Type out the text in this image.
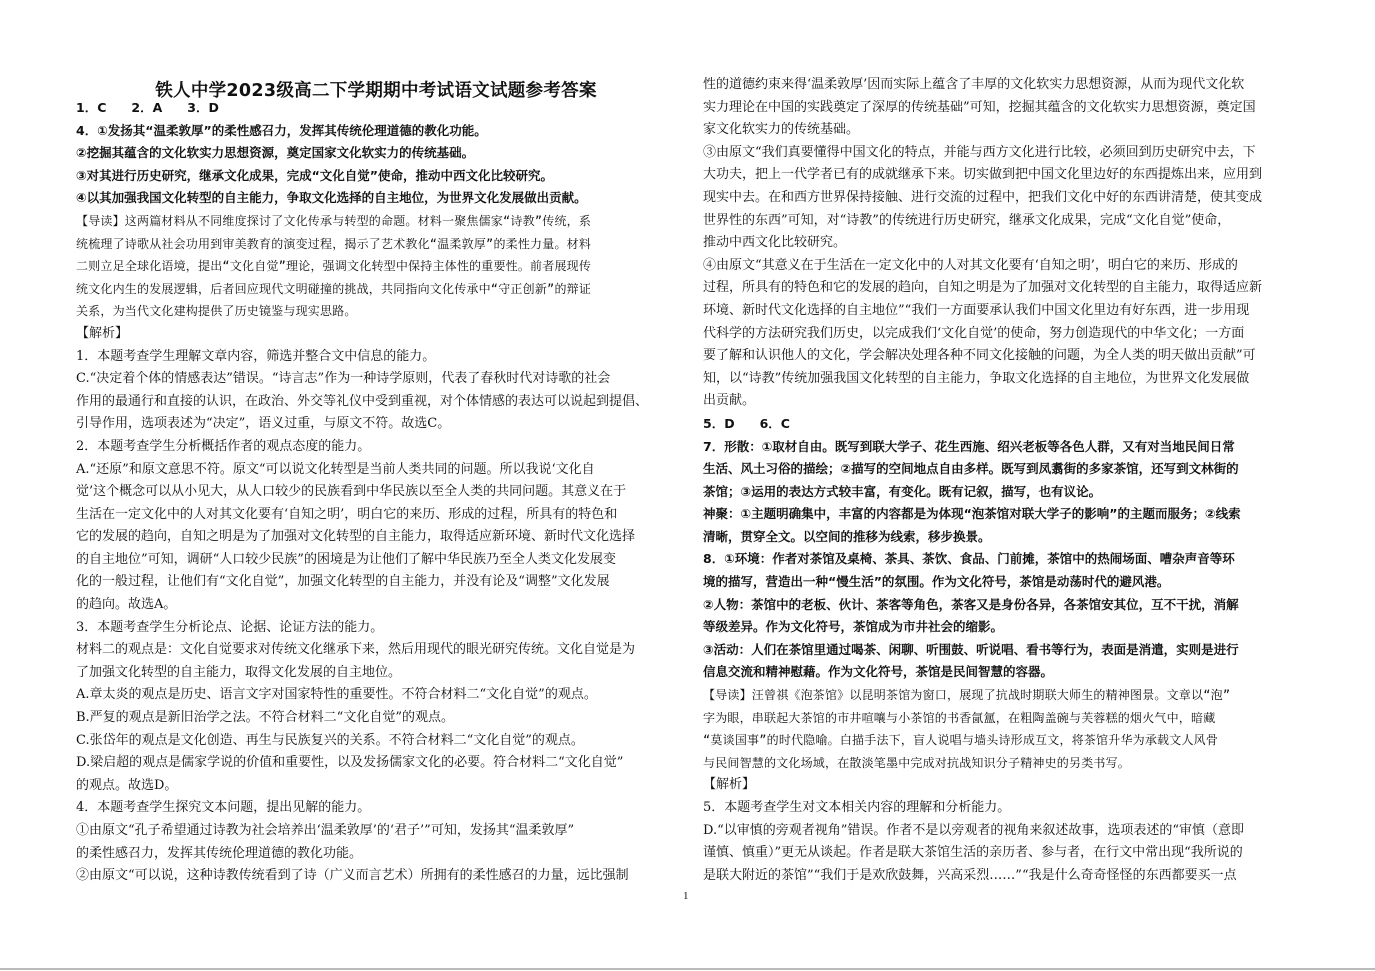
铁人中学2023级高二下学期期中考试语文试题参考答案
1．C　　2．A　　3．D
4．①发扬其“温柔敦厚”的柔性感召力，发挥其传统伦理道德的教化功能。
②挖掘其蕴含的文化软实力思想资源，奠定国家文化软实力的传统基础。
③对其进行历史研究，继承文化成果，完成“文化自觉”使命，推动中西文化比较研究。
④以其加强我国文化转型的自主能力，争取文化选择的自主地位，为世界文化发展做出贡献。
【导读】这两篇材料从不同维度探讨了文化传承与转型的命题。材料一聚焦儒家“诗教”传统，系
统梳理了诗歌从社会功用到审美教育的演变过程，揭示了艺术教化“温柔敦厚”的柔性力量。材料
二则立足全球化语境，提出“文化自觉”理论，强调文化转型中保持主体性的重要性。前者展现传
统文化内生的发展逻辑，后者回应现代文明碰撞的挑战，共同指向文化传承中“守正创新”的辩证
关系，为当代文化建构提供了历史镜鉴与现实思路。
【解析】
1．本题考查学生理解文章内容，筛选并整合文中信息的能力。
C.“决定着个体的情感表达”错误。“诗言志”作为一种诗学原则，代表了春秋时代对诗歌的社会
作用的最通行和直接的认识，在政治、外交等礼仪中受到重视，对个体情感的表达可以说起到提倡、
引导作用，选项表述为“决定”，语义过重，与原文不符。故选C。
2．本题考查学生分析概括作者的观点态度的能力。
A.“还原”和原文意思不符。原文“可以说文化转型是当前人类共同的问题。所以我说‘文化自
觉’这个概念可以从小见大，从人口较少的民族看到中华民族以至全人类的共同问题。其意义在于
生活在一定文化中的人对其文化要有‘自知之明’，明白它的来历、形成的过程，所具有的特色和
它的发展的趋向，自知之明是为了加强对文化转型的自主能力，取得适应新环境、新时代文化选择
的自主地位”可知，调研“人口较少民族”的困境是为让他们了解中华民族乃至全人类文化发展变
化的一般过程，让他们有“文化自觉”，加强文化转型的自主能力，并没有论及“调整”文化发展
的趋向。故选A。
3．本题考查学生分析论点、论据、论证方法的能力。
材料二的观点是：文化自觉要求对传统文化继承下来，然后用现代的眼光研究传统。文化自觉是为
了加强文化转型的自主能力，取得文化发展的自主地位。
A.章太炎的观点是历史、语言文字对国家特性的重要性。不符合材料二“文化自觉”的观点。
B.严复的观点是新旧治学之法。不符合材料二“文化自觉”的观点。
C.张岱年的观点是文化创造、再生与民族复兴的关系。不符合材料二“文化自觉”的观点。
D.梁启超的观点是儒家学说的价值和重要性，以及发扬儒家文化的必要。符合材料二“文化自觉”
的观点。故选D。
4．本题考查学生探究文本问题，提出见解的能力。
①由原文“孔子希望通过诗教为社会培养出‘温柔敦厚’的‘君子’”可知，发扬其“温柔敦厚”
的柔性感召力，发挥其传统伦理道德的教化功能。
②由原文“可以说，这种诗教传统看到了诗（广义而言艺术）所拥有的柔性感召的力量，远比强制
性的道德约束来得‘温柔敦厚’因而实际上蕴含了丰厚的文化软实力思想资源，从而为现代文化软
实力理论在中国的实践奠定了深厚的传统基础”可知，挖掘其蕴含的文化软实力思想资源，奠定国
家文化软实力的传统基础。
③由原文“我们真要懂得中国文化的特点，并能与西方文化进行比较，必须回到历史研究中去，下
大功夫，把上一代学者已有的成就继承下来。切实做到把中国文化里边好的东西提炼出来，应用到
现实中去。在和西方世界保持接触、进行交流的过程中，把我们文化中好的东西讲清楚，使其变成
世界性的东西”可知，对“诗教”的传统进行历史研究，继承文化成果，完成“文化自觉”使命，
推动中西文化比较研究。
④由原文“其意义在于生活在一定文化中的人对其文化要有‘自知之明’，明白它的来历、形成的
过程，所具有的特色和它的发展的趋向，自知之明是为了加强对文化转型的自主能力，取得适应新
环境、新时代文化选择的自主地位”“我们一方面要承认我们中国文化里边有好东西，进一步用现
代科学的方法研究我们历史，以完成我们‘文化自觉’的使命，努力创造现代的中华文化；一方面
要了解和认识他人的文化，学会解决处理各种不同文化接触的问题，为全人类的明天做出贡献”可
知，以“诗教”传统加强我国文化转型的自主能力，争取文化选择的自主地位，为世界文化发展做
出贡献。
5．D　　6．C
7．形散：①取材自由。既写到联大学子、花生西施、绍兴老板等各色人群，又有对当地民间日常
生活、风土习俗的描绘；②描写的空间地点自由多样。既写到凤翥街的多家茶馆，还写到文林街的
茶馆；③运用的表达方式较丰富，有变化。既有记叙，描写，也有议论。
神聚：①主题明确集中，丰富的内容都是为体现“泡茶馆对联大学子的影响”的主题而服务；②线索
清晰，贯穿全文。以空间的推移为线索，移步换景。
8．①环境：作者对茶馆及桌椅、茶具、茶饮、食品、门前摊，茶馆中的热闹场面、嘈杂声音等环
境的描写，营造出一种“慢生活”的氛围。作为文化符号，茶馆是动荡时代的避风港。
②人物：茶馆中的老板、伙计、茶客等角色，茶客又是身份各异，各茶馆安其位，互不干扰，消解
等级差异。作为文化符号，茶馆成为市井社会的缩影。
③活动：人们在茶馆里通过喝茶、闲聊、听围鼓、听说唱、看书等行为，表面是消遣，实则是进行
信息交流和精神慰藉。作为文化符号，茶馆是民间智慧的容器。
【导读】汪曾祺《泡茶馆》以昆明茶馆为窗口，展现了抗战时期联大师生的精神图景。文章以“泡”
字为眼，串联起大茶馆的市井喧嚷与小茶馆的书香氤氲，在粗陶盖碗与芙蓉糕的烟火气中，暗藏
“莫谈国事”的时代隐喻。白描手法下，盲人说唱与墙头诗形成互文，将茶馆升华为承载文人风骨
与民间智慧的文化场域，在散淡笔墨中完成对抗战知识分子精神史的另类书写。
【解析】
5．本题考查学生对文本相关内容的理解和分析能力。
D.“以审慎的旁观者视角”错误。作者不是以旁观者的视角来叙述故事，选项表述的“审慎（意即
谨慎、慎重）”更无从谈起。作者是联大茶馆生活的亲历者、参与者，在行文中常出现“我所说的
是联大附近的茶馆”“我们于是欢欣鼓舞，兴高采烈……”“我是什么奇奇怪怪的东西都要买一点
1
